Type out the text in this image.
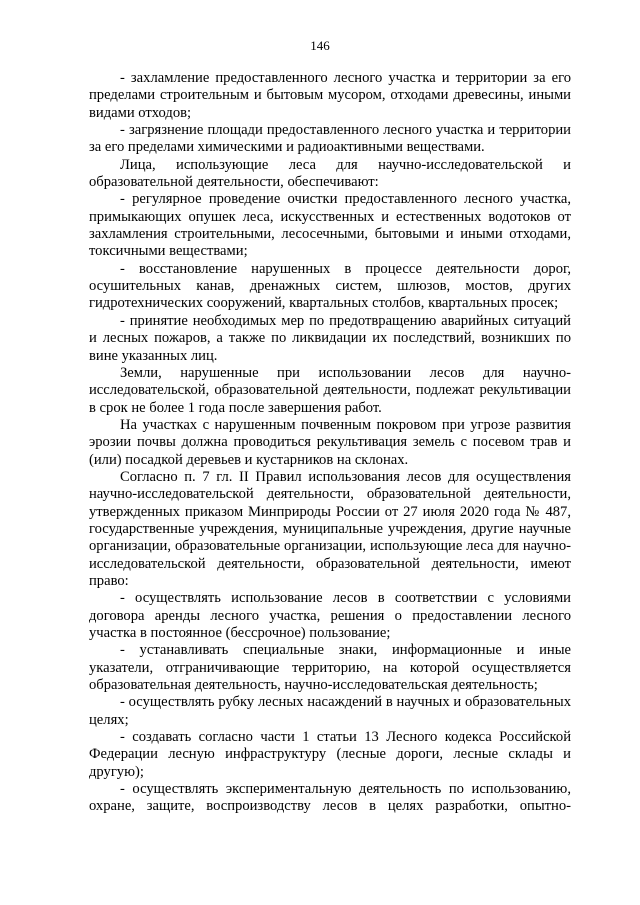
146

- захламление предоставленного лесного участка и территории за его пределами строительным и бытовым мусором, отходами древесины, иными видами отходов;

- загрязнение площади предоставленного лесного участка и территории за его пределами химическими и радиоактивными веществами.

Лица, использующие леса для научно-исследовательской и образовательной деятельности, обеспечивают:

- регулярное проведение очистки предоставленного лесного участка, примыкающих опушек леса, искусственных и естественных водотоков от захламления строительными, лесосечными, бытовыми и иными отходами, токсичными веществами;

- восстановление нарушенных в процессе деятельности дорог, осушительных канав, дренажных систем, шлюзов, мостов, других гидротехнических сооружений, квартальных столбов, квартальных просек;

- принятие необходимых мер по предотвращению аварийных ситуаций и лесных пожаров, а также по ликвидации их последствий, возникших по вине указанных лиц.

Земли, нарушенные при использовании лесов для научно-исследовательской, образовательной деятельности, подлежат рекультивации в срок не более 1 года после завершения работ.

На участках с нарушенным почвенным покровом при угрозе развития эрозии почвы должна проводиться рекультивация земель с посевом трав и (или) посадкой деревьев и кустарников на склонах.

Согласно п. 7 гл. II Правил использования лесов для осуществления научно-исследовательской деятельности, образовательной деятельности, утвержденных приказом Минприроды России от 27 июля 2020 года № 487, государственные учреждения, муниципальные учреждения, другие научные организации, образовательные организации, использующие леса для научно-исследовательской деятельности, образовательной деятельности, имеют право:

- осуществлять использование лесов в соответствии с условиями договора аренды лесного участка, решения о предоставлении лесного участка в постоянное (бессрочное) пользование;

- устанавливать специальные знаки, информационные и иные указатели, отграничивающие территорию, на которой осуществляется образовательная деятельность, научно-исследовательская деятельность;

- осуществлять рубку лесных насаждений в научных и образовательных целях;

- создавать согласно части 1 статьи 13 Лесного кодекса Российской Федерации лесную инфраструктуру (лесные дороги, лесные склады и другую);

- осуществлять экспериментальную деятельность по использованию, охране, защите, воспроизводству лесов в целях разработки, опытно-
